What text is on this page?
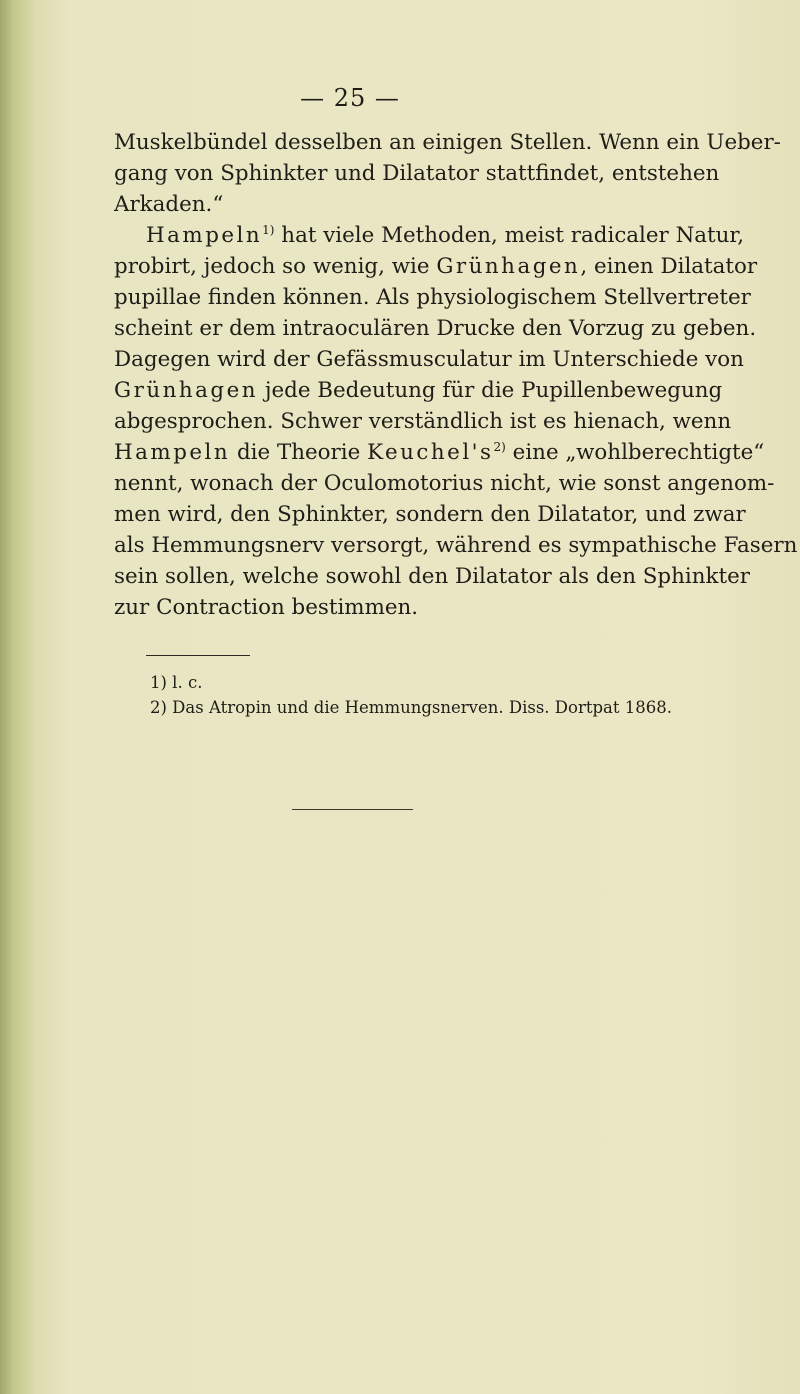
— 25 —
Muskelbündel desselben an einigen Stellen. Wenn ein Ueber-
gang von Sphinkter und Dilatator stattfindet, entstehen
Arkaden.“
Hampeln$^{1)}$ hat viele Methoden, meist radicaler Natur,
probirt, jedoch so wenig, wie Grünhagen, einen Dilatator
pupillae finden können. Als physiologischem Stellvertreter
scheint er dem intraoculären Drucke den Vorzug zu geben.
Dagegen wird der Gefässmusculatur im Unterschiede von
Grünhagen jede Bedeutung für die Pupillenbewegung
abgesprochen. Schwer verständlich ist es hienach, wenn
Hampeln die Theorie $Keuchel's^{2)}$ eine „wohlberechtigte“
nennt, wonach der Oculomotorius nicht, wie sonst angenom-
men wird, den Sphinkter, sondern den Dilatator, und zwar
als Hemmungsnerv versorgt, während es sympathische Fasern
sein sollen, welche sowohl den Dilatator als den Sphinkter
zur Contraction bestimmen.
1) l. c.
2) Das Atropin und die Hemmungsnerven. Diss. Dortpat 1868.
